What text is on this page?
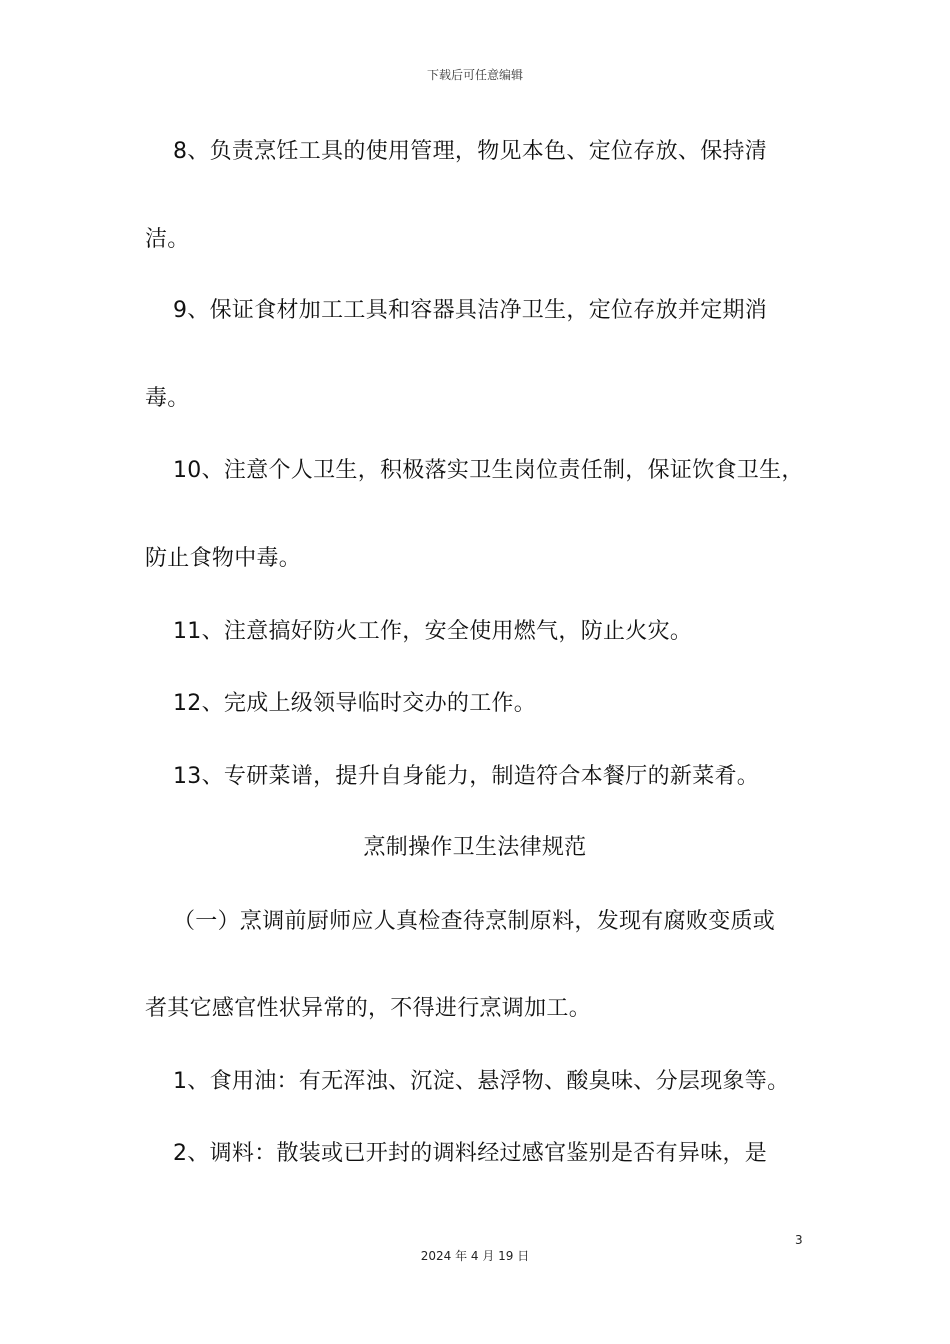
下载后可任意编辑
8、负责烹饪工具的使用管理，物见本色、定位存放、保持清
洁。
9、保证食材加工工具和容器具洁净卫生，定位存放并定期消
毒。
10、注意个人卫生，积极落实卫生岗位责任制，保证饮食卫生，
防止食物中毒。
11、注意搞好防火工作，安全使用燃气，防止火灾。
12、完成上级领导临时交办的工作。
13、专研菜谱，提升自身能力，制造符合本餐厅的新菜肴。
烹制操作卫生法律规范
（一）烹调前厨师应人真检查待烹制原料，发现有腐败变质或
者其它感官性状异常的，不得进行烹调加工。
1、食用油：有无浑浊、沉淀、悬浮物、酸臭味、分层现象等。
2、调料：散装或已开封的调料经过感官鉴别是否有异味，是
3
2024 年 4 月 19 日
